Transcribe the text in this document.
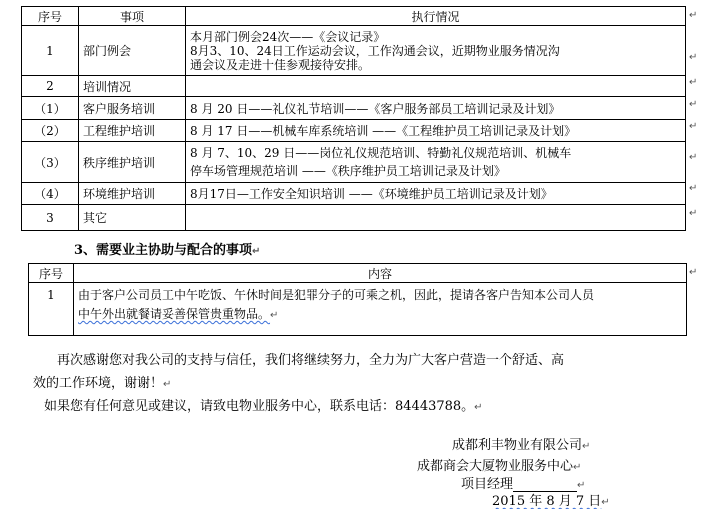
序号	事项	执行情况
1	部门例会	本月部门例会24次——《会议记录》
8月3、10、24日工作运动会议，工作沟通会议，近期物业服务情况沟
通会议及走进十佳参观接待安排。

2	培训情况	
（1）	客户服务培训	8 月 20 日——礼仪礼节培训——《客户服务部员工培训记录及计划》
（2）	工程维护培训	8 月 17 日——机械车库系统培训 ——《工程维护员工培训记录及计划》
（3）	秩序维护培训	8 月 7、10、29 日——岗位礼仪规范培训、特勤礼仪规范培训、机械车
停车场管理规范培训 ——《秩序维护员工培训记录及计划》

（4）	环境维护培训	8月17日—工作安全知识培训 ——《环境维护员工培训记录及计划》
3	其它	
↵
↵
↵
↵
↵
↵
↵
↵
3、需要业主协助与配合的事项↵
序号	内容
1	由于客户公司员工中午吃饭、午休时间是犯罪分子的可乘之机，因此，提请各客户告知本公司人员
中午外出就餐请妥善保管贵重物品。↵
↵
再次感谢您对我公司的支持与信任，我们将继续努力，全力为广大客户营造一个舒适、高
效的工作环境，谢谢！↵
如果您有任何意见或建议，请致电物业服务中心，联系电话：84443788。↵
成都利丰物业有限公司↵
成都商会大厦物业服务中心↵
项目经理	↵
2015 年 8 月 7 日↵
